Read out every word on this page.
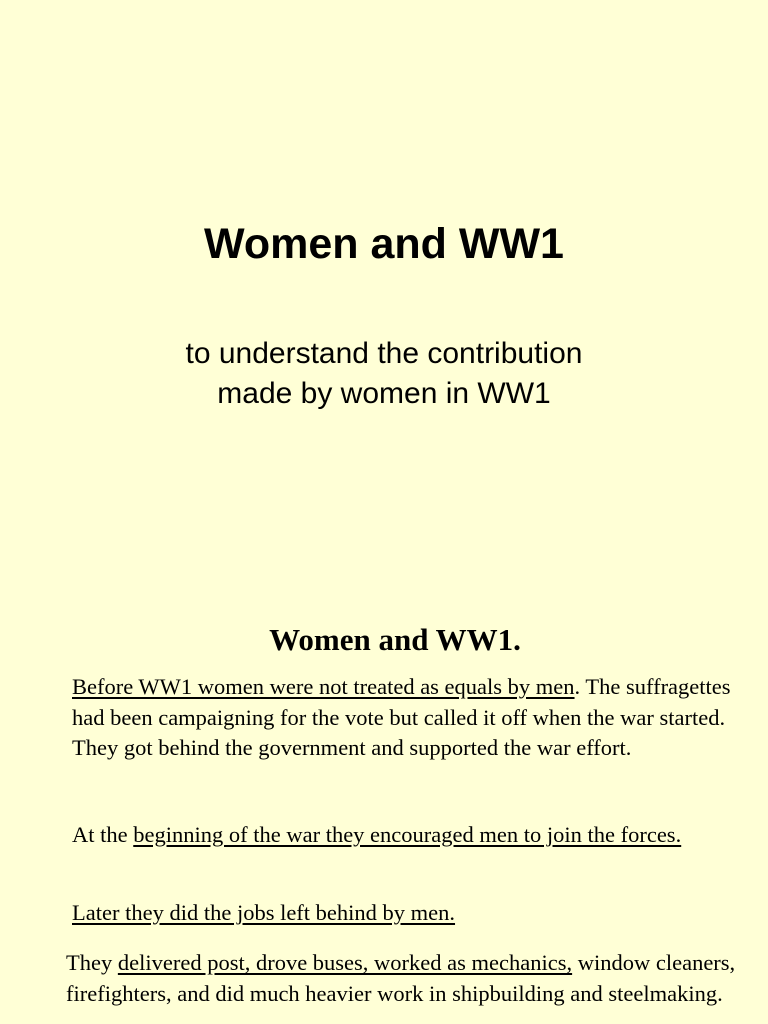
Women and WW1
to understand the contribution
made by women in WW1
Women and WW1.

Before WW1 women were not treated as equals by men. The suffragettes had been campaigning for the vote but called it off when the war started. They got behind the government and supported the war effort.

At the beginning of the war they encouraged men to join the forces.

Later they did the jobs left behind by men.

They delivered post, drove buses, worked as mechanics, window cleaners, firefighters, and did much heavier work in shipbuilding and steelmaking.
